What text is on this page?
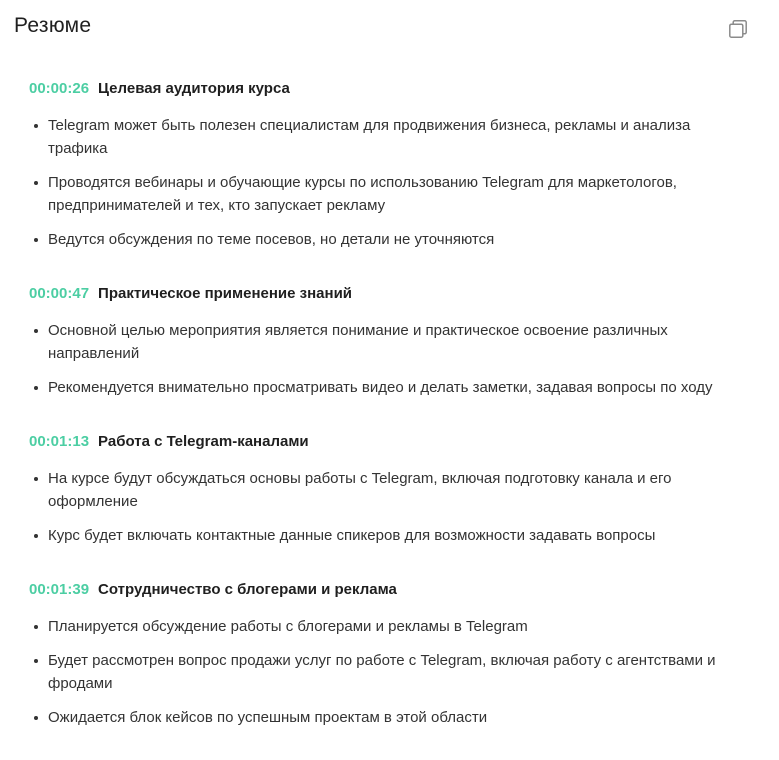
Резюме
00:00:26 Целевая аудитория курса
Telegram может быть полезен специалистам для продвижения бизнеса, рекламы и анализа трафика
Проводятся вебинары и обучающие курсы по использованию Telegram для маркетологов, предпринимателей и тех, кто запускает рекламу
Ведутся обсуждения по теме посевов, но детали не уточняются
00:00:47 Практическое применение знаний
Основной целью мероприятия является понимание и практическое освоение различных направлений
Рекомендуется внимательно просматривать видео и делать заметки, задавая вопросы по ходу
00:01:13 Работа с Telegram-каналами
На курсе будут обсуждаться основы работы с Telegram, включая подготовку канала и его оформление
Курс будет включать контактные данные спикеров для возможности задавать вопросы
00:01:39 Сотрудничество с блогерами и реклама
Планируется обсуждение работы с блогерами и рекламы в Telegram
Будет рассмотрен вопрос продажи услуг по работе с Telegram, включая работу с агентствами и фродами
Ожидается блок кейсов по успешным проектам в этой области
